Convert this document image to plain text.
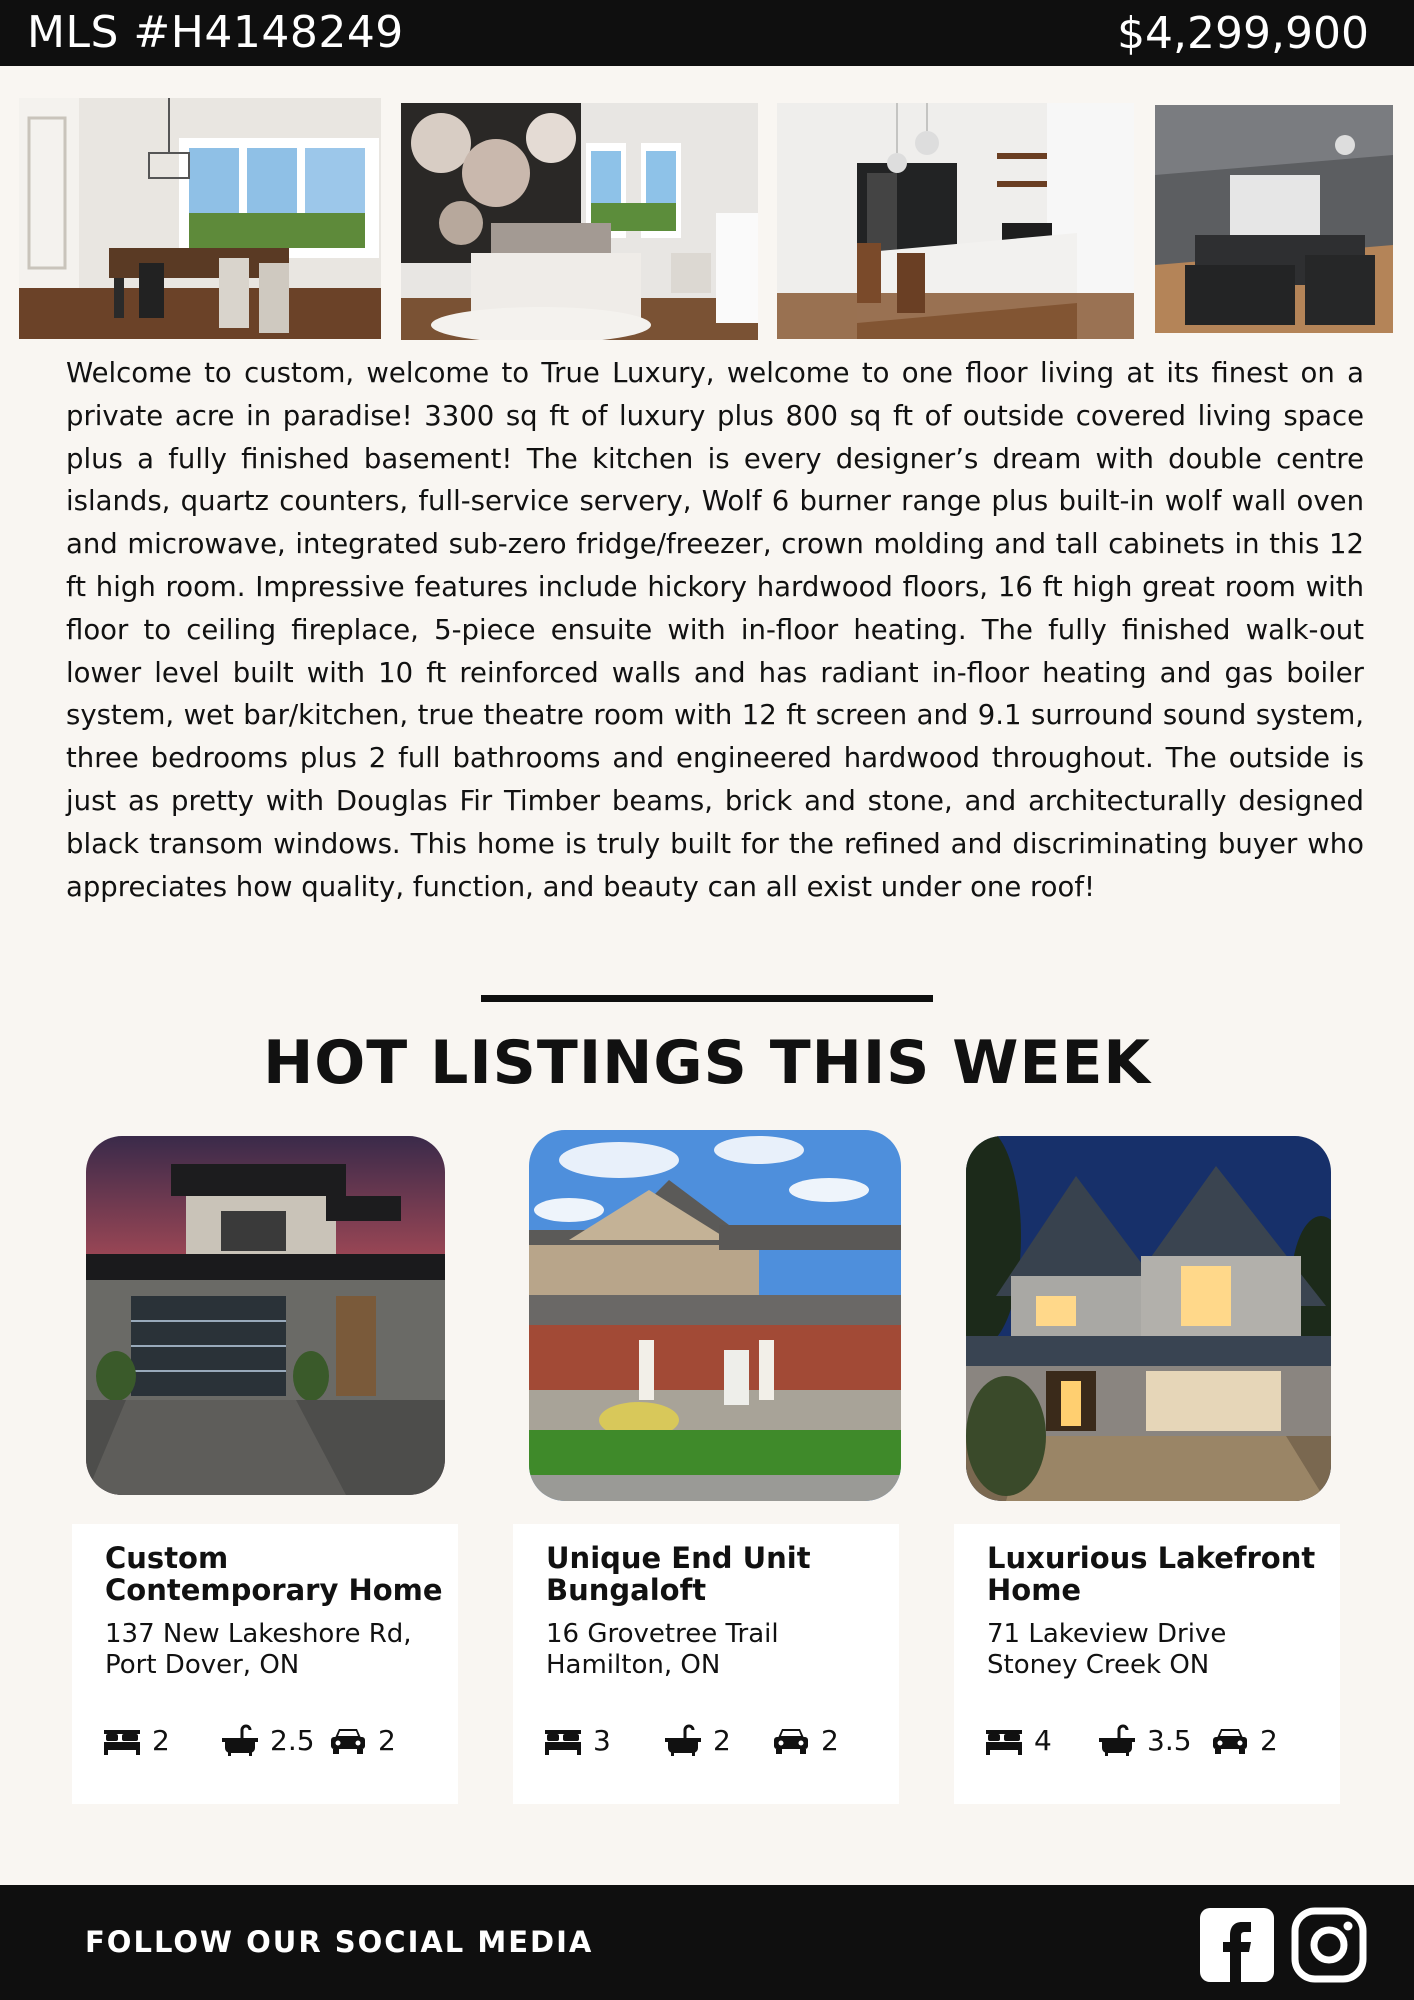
MLS #H4148249	$4,299,900
Welcome to custom, welcome to True Luxury, welcome to one floor living at its finest on a private acre in paradise! 3300 sq ft of luxury plus 800 sq ft of outside covered living space plus a fully finished basement! The kitchen is every designer’s dream with double centre islands, quartz counters, full-service servery, Wolf 6 burner range plus built-in wolf wall oven and microwave, integrated sub-zero fridge/freezer, crown molding and tall cabinets in this 12 ft high room. Impressive features include hickory hardwood floors, 16 ft high great room with floor to ceiling fireplace, 5-piece ensuite with in-floor heating. The fully finished walk-out lower level built with 10 ft reinforced walls and has radiant in-floor heating and gas boiler system, wet bar/kitchen, true theatre room with 12 ft screen and 9.1 surround sound system, three bedrooms plus 2 full bathrooms and engineered hardwood throughout. The outside is just as pretty with Douglas Fir Timber beams, brick and stone, and architecturally designed black transom windows. This home is truly built for the refined and discriminating buyer who appreciates how quality, function, and beauty can all exist under one roof!
HOT LISTINGS THIS WEEK
Custom Contemporary Home
137 New Lakeshore Rd,
Port Dover, ON
2	2.5 2
Unique End Unit Bungaloft
16 Grovetree Trail
Hamilton, ON
3	2	2
Luxurious Lakefront Home
71 Lakeview Drive
Stoney Creek ON
4	3.5 2
FOLLOW OUR SOCIAL MEDIA
